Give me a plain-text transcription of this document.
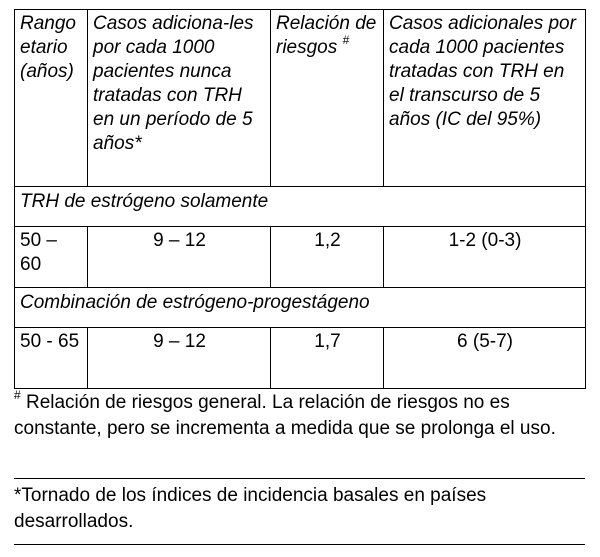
Rango etario (años)	Casos adiciona-les por cada 1000 pacientes nunca tratadas con TRH en un período de 5 años*	Relación de riesgos #	Casos adicionales por cada 1000 pacientes tratadas con TRH en el transcurso de 5 años (IC del 95%)
TRH de estrógeno solamente			
50 – 60	9 – 12	1,2	1-2 (0-3)
Combinación de estrógeno-progestágeno			
50 - 65	9 – 12	1,7	6 (5-7)
# Relación de riesgos general. La relación de riesgos no es constante, pero se incrementa a medida que se prolonga el uso.
*Tornado de los índices de incidencia basales en países desarrollados.
